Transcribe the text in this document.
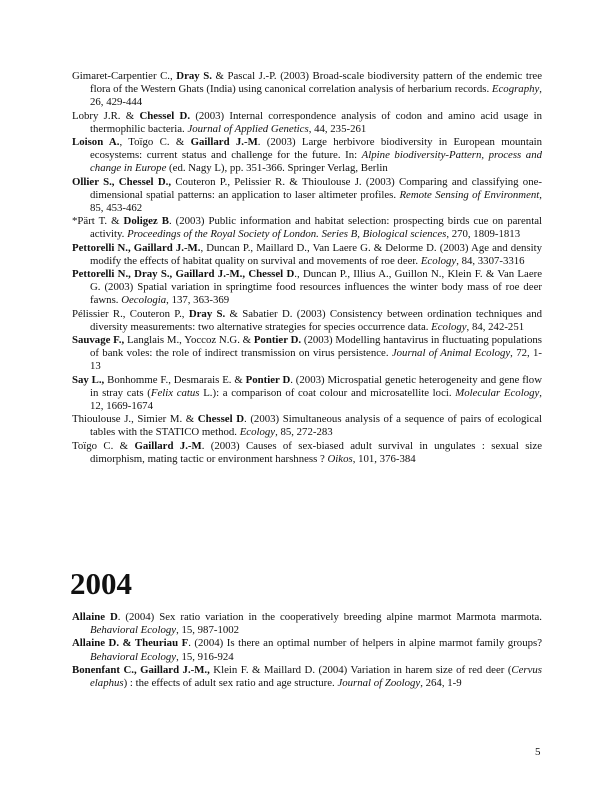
Gimaret-Carpentier C., Dray S. & Pascal J.-P. (2003) Broad-scale biodiversity pattern of the endemic tree flora of the Western Ghats (India) using canonical correlation analysis of herbarium records. Ecography, 26, 429-444

Lobry J.R. & Chessel D. (2003) Internal correspondence analysis of codon and amino acid usage in thermophilic bacteria. Journal of Applied Genetics, 44, 235-261

Loison A., Toïgo C. & Gaillard J.-M. (2003) Large herbivore biodiversity in European mountain ecosystems: current status and challenge for the future. In: Alpine biodiversity-Pattern, process and change in Europe (ed. Nagy L), pp. 351-366. Springer Verlag, Berlin

Ollier S., Chessel D., Couteron P., Pelissier R. & Thioulouse J. (2003) Comparing and classifying one-dimensional spatial patterns: an application to laser altimeter profiles. Remote Sensing of Environment, 85, 453-462

*Pärt T. & Doligez B. (2003) Public information and habitat selection: prospecting birds cue on parental activity. Proceedings of the Royal Society of London. Series B, Biological sciences, 270, 1809-1813

Pettorelli N., Gaillard J.-M., Duncan P., Maillard D., Van Laere G. & Delorme D. (2003) Age and density modify the effects of habitat quality on survival and movements of roe deer. Ecology, 84, 3307-3316

Pettorelli N., Dray S., Gaillard J.-M., Chessel D., Duncan P., Illius A., Guillon N., Klein F. & Van Laere G. (2003) Spatial variation in springtime food resources influences the winter body mass of roe deer fawns. Oecologia, 137, 363-369

Pélissier R., Couteron P., Dray S. & Sabatier D. (2003) Consistency between ordination techniques and diversity measurements: two alternative strategies for species occurrence data. Ecology, 84, 242-251

Sauvage F., Langlais M., Yoccoz N.G. & Pontier D. (2003) Modelling hantavirus in fluctuating populations of bank voles: the role of indirect transmission on virus persistence. Journal of Animal Ecology, 72, 1-13

Say L., Bonhomme F., Desmarais E. & Pontier D. (2003) Microspatial genetic heterogeneity and gene flow in stray cats (Felix catus L.): a comparison of coat colour and microsatellite loci. Molecular Ecology, 12, 1669-1674

Thioulouse J., Simier M. & Chessel D. (2003) Simultaneous analysis of a sequence of pairs of ecological tables with the STATICO method. Ecology, 85, 272-283

Toïgo C. & Gaillard J.-M. (2003) Causes of sex-biased adult survival in ungulates : sexual size dimorphism, mating tactic or environment harshness ? Oikos, 101, 376-384

2004

Allaine D. (2004) Sex ratio variation in the cooperatively breeding alpine marmot Marmota marmota. Behavioral Ecology, 15, 987-1002

Allaine D. & Theuriau F. (2004) Is there an optimal number of helpers in alpine marmot family groups? Behavioral Ecology, 15, 916-924

Bonenfant C., Gaillard J.-M., Klein F. & Maillard D. (2004) Variation in harem size of red deer (Cervus elaphus) : the effects of adult sex ratio and age structure. Journal of Zoology, 264, 1-9

5
